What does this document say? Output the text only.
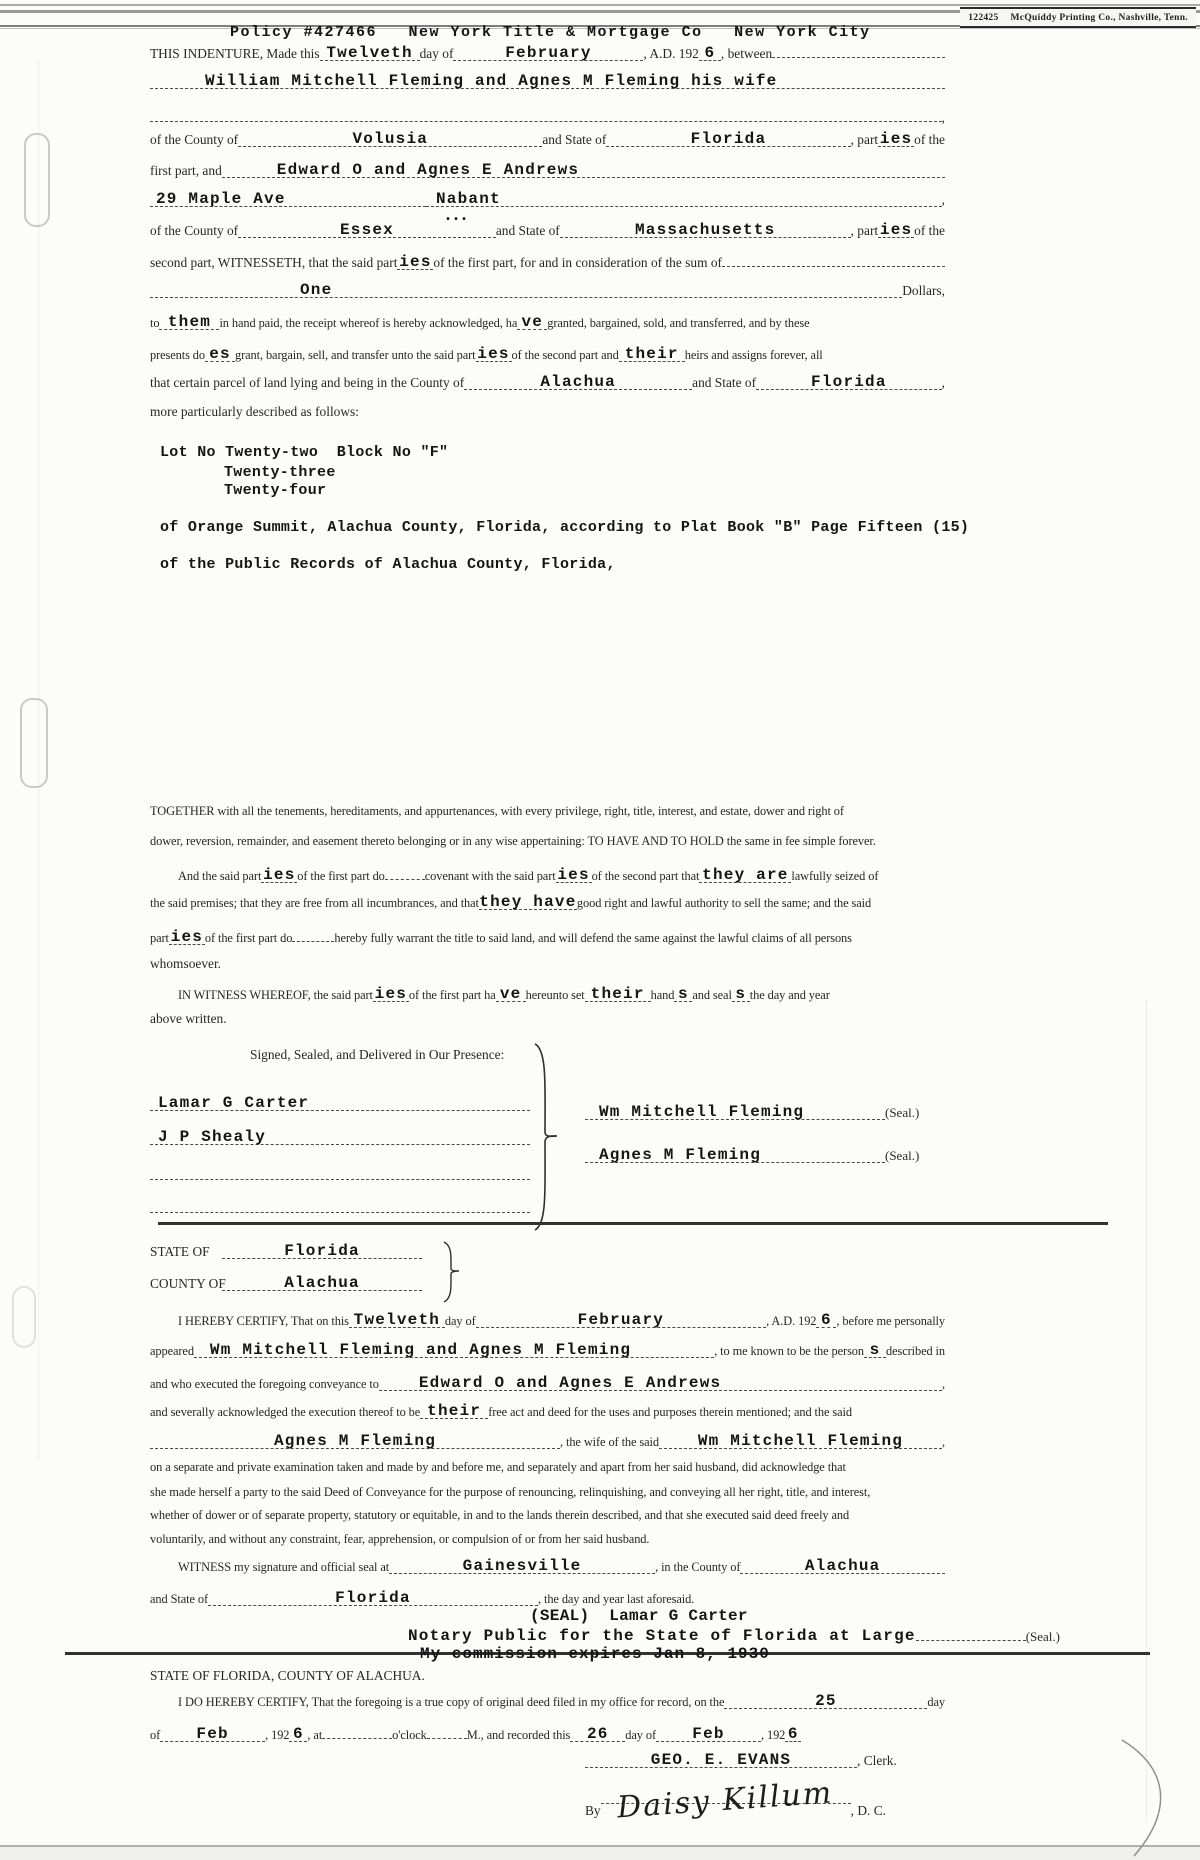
122425 McQuiddy Printing Co., Nashville, Tenn.
Policy #427466   New York Title & Mortgage Co   New York City
THIS INDENTURE, Made this Twelveth day of	February	, A.D. 192 6 , between
William Mitchell Fleming and Agnes M Fleming his wife
,
of the County of	Volusia	and State of	Florida	, part ies of the
first part, and	Edward O and Agnes E Andrews
29 Maple Ave	Nabant	,
•••
of the County of	Essex	and State of	Massachusetts	, part ies of the
second part, WITNESSETH, that the said part ies of the first part, for and in consideration of the sum of
One	Dollars,
to them in hand paid, the receipt whereof is hereby acknowledged, ha ve granted, bargained, sold, and transferred, and by these
presents do es grant, bargain, sell, and transfer unto the said part ies of the second part and their heirs and assigns forever, all
that certain parcel of land lying and being in the County of	Alachua	and State of	Florida	,
more particularly described as follows:
Lot No Twenty-two  Block No "F"
Twenty-three
Twenty-four
of Orange Summit, Alachua County, Florida, according to Plat Book "B" Page Fifteen (15)
of the Public Records of Alachua County, Florida,
TOGETHER with all the tenements, hereditaments, and appurtenances, with every privilege, right, title, interest, and estate, dower and right of
dower, reversion, remainder, and easement thereto belonging or in any wise appertaining: TO HAVE AND TO HOLD the same in fee simple forever.
And the said part ies of the first part do	covenant with the said part ies of the second part that they are lawfully seized of
the said premises; that they are free from all incumbrances, and that they have good right and lawful authority to sell the same; and the said
part ies of the first part do	hereby fully warrant the title to said land, and will defend the same against the lawful claims of all persons
whomsoever.
IN WITNESS WHEREOF, the said part ies of the first part ha ve hereunto set their hand s and seal s the day and year
above written.
Signed, Sealed, and Delivered in Our Presence:
Lamar G Carter
J P Shealy
Wm Mitchell Fleming	(Seal.)
Agnes M Fleming	(Seal.)
STATE OF	Florida
COUNTY OF	Alachua
I HEREBY CERTIFY, That on this Twelveth day of	February	, A.D. 192 6 , before me personally
appeared Wm Mitchell Fleming and Agnes M Fleming	, to me known to be the person s described in
and who executed the foregoing conveyance to	Edward O and Agnes E Andrews	,
and severally acknowledged the execution thereof to be their free act and deed for the uses and purposes therein mentioned; and the said
Agnes M Fleming	, the wife of the said Wm Mitchell Fleming	,
on a separate and private examination taken and made by and before me, and separately and apart from her said husband, did acknowledge that
she made herself a party to the said Deed of Conveyance for the purpose of renouncing, relinquishing, and conveying all her right, title, and interest,
whether of dower or of separate property, statutory or equitable, in and to the lands therein described, and that she executed said deed freely and
voluntarily, and without any constraint, fear, apprehension, or compulsion of or from her said husband.
WITNESS my signature and official seal at	Gainesville	, in the County of	Alachua
and State of	Florida	, the day and year last aforesaid.
(SEAL)  Lamar G Carter
Notary Public for the State of Florida at Large	(Seal.)
My commission expires Jan 8, 1930
STATE OF FLORIDA, COUNTY OF ALACHUA.
I DO HEREBY CERTIFY, That the foregoing is a true copy of original deed filed in my office for record, on the	25	day
of Feb	, 192 6 , at	o'clock	M., and recorded this 26 day of Feb	, 192 6
GEO. E. EVANS	, Clerk.
By Daisy Killum , D. C.
